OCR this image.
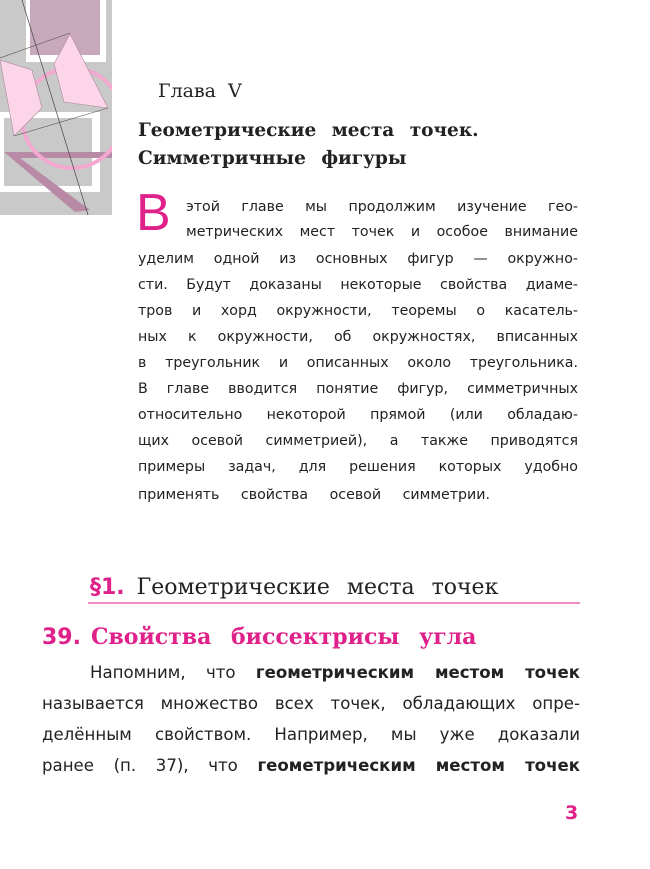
Глава V
Геометрические места точек.
Симметричные фигуры
В этой главе мы продолжим изучение гео-
метрических мест точек и особое внимание
уделим одной из основных фигур — окружно-
сти. Будут доказаны некоторые свойства диаме-
тров и хорд окружности, теоремы о касатель-
ных к окружности, об окружностях, вписанных
в треугольник и описанных около треугольника.
В главе вводится понятие фигур, симметричных
относительно некоторой прямой (или обладаю-
щих осевой симметрией), а также приводятся
примеры задач, для решения которых удобно
применять свойства осевой симметрии.
§1. Геометрические места точек
39. Свойства биссектрисы угла
Напомним, что геометрическим местом точек
называется множество всех точек, обладающих опре-
делённым свойством. Например, мы уже доказали
ранее (п. 37), что геометрическим местом точек
3
